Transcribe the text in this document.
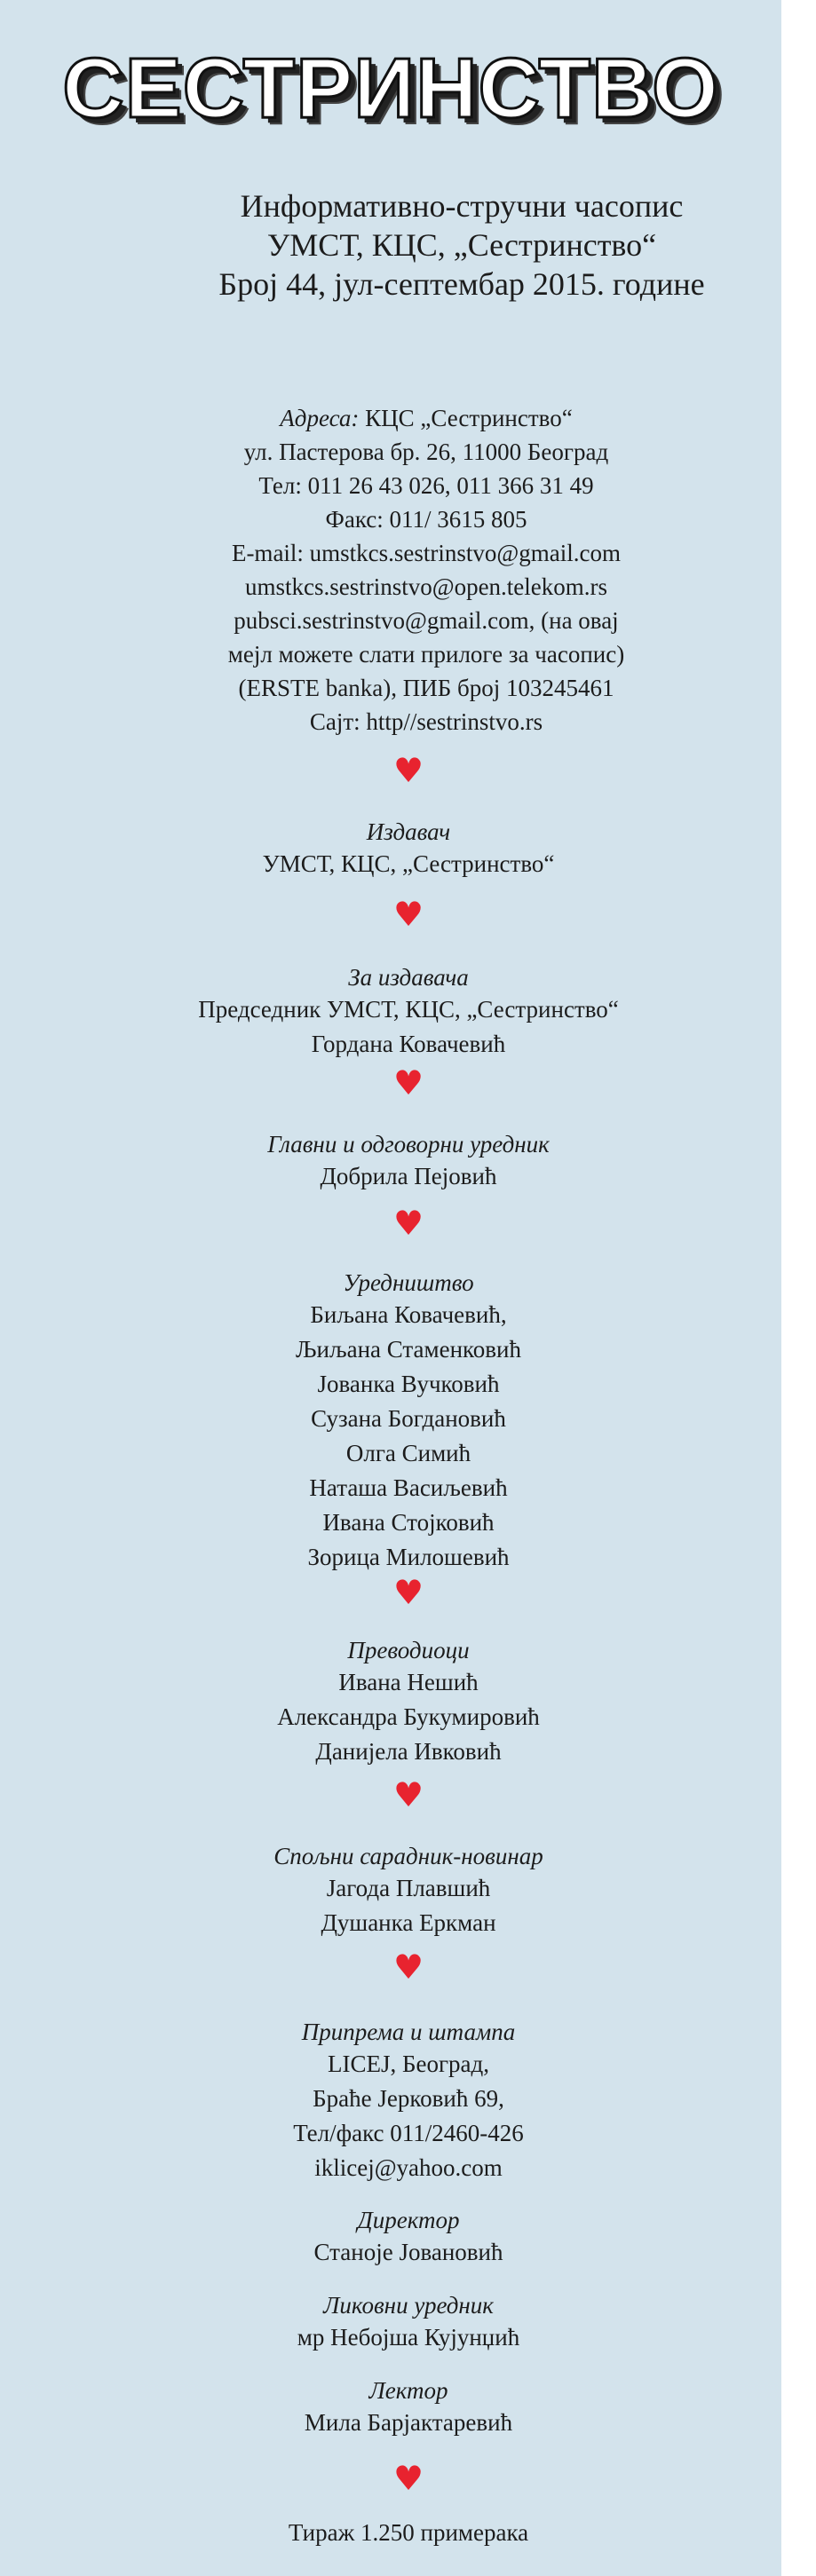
СЕСТРИНСТВО
Информативно-стручни часопис
УМСТ, КЦС, „Сестринство“
Број 44, јул-септембар 2015. године
Адреса: КЦС „Сестринство“
ул. Пастерова бр. 26, 11000 Београд
Тел: 011 26 43 026, 011 366 31 49
Факс: 011/ 3615 805
E-mail: umstkcs.sestrinstvo@gmail.com
umstkcs.sestrinstvo@open.telekom.rs
pubsci.sestrinstvo@gmail.com, (на овај
мејл можете слати прилоге за часопис)
(ERSTE banka), ПИБ број 103245461
Сајт: http//sestrinstvo.rs
♥
Издавач
УМСТ, КЦС, „Сестринство“
♥
За издавача
Председник УМСТ, КЦС, „Сестринство“
Гордана Ковачевић
♥
Главни и одговорни уредник
Добрила Пејовић
♥
Уредништво
Биљана Ковачевић,
Љиљана Стаменковић
Јованка Вучковић
Сузана Богдановић
Олга Симић
Наташа Васиљевић
Ивана Стојковић
Зорица Милошевић
♥
Преводиоци
Ивана Нешић
Александра Букумировић
Данијела Ивковић
♥
Спољни сарадник-новинар
Јагода Плавшић
Душанка Еркман
♥
Припрема и штампа
LICEJ, Београд,
Браће Јерковић 69,
Тел/факс 011/2460-426
iklicej@yahoo.com
Директор
Станоје Јовановић
Ликовни уредник
мр Небојша Кујунџић
Лектор
Мила Барјактаревић
♥
Тираж 1.250 примерака
